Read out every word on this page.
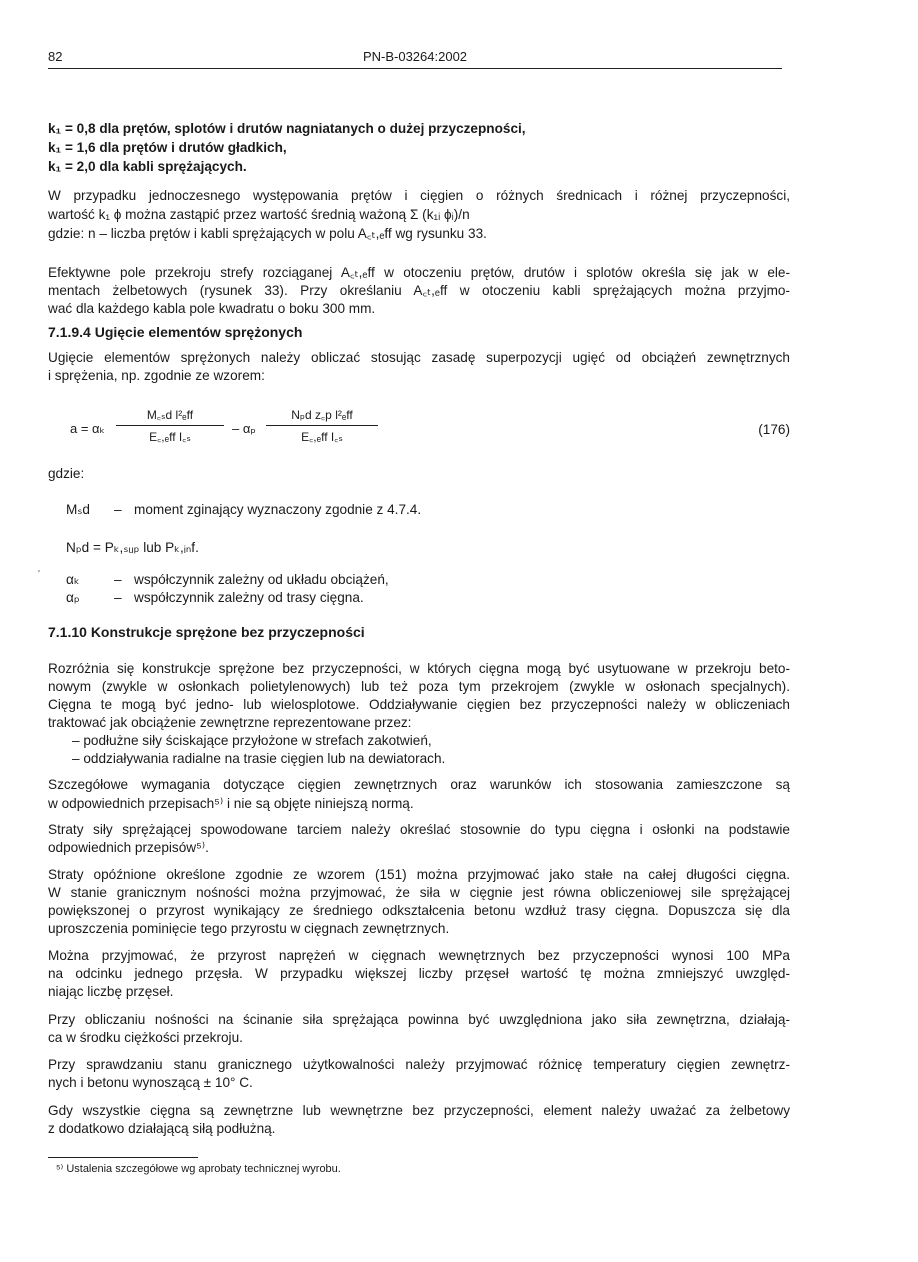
82	PN-B-03264:2002
k₁ = 0,8 dla prętów, splotów i drutów nagniatanych o dużej przyczepności,
k₁ = 1,6 dla prętów i drutów gładkich,
k₁ = 2,0 dla kabli sprężających.
W przypadku jednoczesnego występowania prętów i cięgien o różnych średnicach i różnej przyczepności,
wartość k₁ ϕ można zastąpić przez wartość średnią ważoną Σ (k₁ᵢ ϕᵢ)/n
gdzie: n – liczba prętów i kabli sprężających w polu A꜀ₜ,ₑff wg rysunku 33.
Efektywne pole przekroju strefy rozciąganej A꜀ₜ,ₑff w otoczeniu prętów, drutów i splotów określa się jak w ele-
mentach żelbetowych (rysunek 33). Przy określaniu A꜀ₜ,ₑff w otoczeniu kabli sprężających można przyjmo-
wać dla każdego kabla pole kwadratu o boku 300 mm.
7.1.9.4 Ugięcie elementów sprężonych
Ugięcie elementów sprężonych należy obliczać stosując zasadę superpozycji ugięć od obciążeń zewnętrznych
i sprężenia, np. zgodnie ze wzorem:
a = αₖ
M꜀ₛd l²ₑff
E꜀,ₑff I꜀ₛ
– αₚ
Nₚd z꜀p l²ₑff
E꜀,ₑff I꜀ₛ	(176)
gdzie:
Mₛd – moment zginający wyznaczony zgodnie z 4.7.4.
Nₚd = Pₖ,ₛᵤₚ lub Pₖ,ᵢₙf.
αₖ	– współczynnik zależny od układu obciążeń,
αₚ	– współczynnik zależny od trasy cięgna.
7.1.10 Konstrukcje sprężone bez przyczepności
Rozróżnia się konstrukcje sprężone bez przyczepności, w których cięgna mogą być usytuowane w przekroju beto-
nowym (zwykle w osłonkach polietylenowych) lub też poza tym przekrojem (zwykle w osłonach specjalnych).
Cięgna te mogą być jedno- lub wielosplotowe. Oddziaływanie cięgien bez przyczepności należy w obliczeniach
traktować jak obciążenie zewnętrzne reprezentowane przez:
– podłużne siły ściskające przyłożone w strefach zakotwień,
– oddziaływania radialne na trasie cięgien lub na dewiatorach.
Szczegółowe wymagania dotyczące cięgien zewnętrznych oraz warunków ich stosowania zamieszczone są
w odpowiednich przepisach⁵⁾ i nie są objęte niniejszą normą.
Straty siły sprężającej spowodowane tarciem należy określać stosownie do typu cięgna i osłonki na podstawie
odpowiednich przepisów⁵⁾.
Straty opóźnione określone zgodnie ze wzorem (151) można przyjmować jako stałe na całej długości cięgna.
W stanie granicznym nośności można przyjmować, że siła w cięgnie jest równa obliczeniowej sile sprężającej
powiększonej o przyrost wynikający ze średniego odkształcenia betonu wzdłuż trasy cięgna. Dopuszcza się dla
uproszczenia pominięcie tego przyrostu w cięgnach zewnętrznych.
Można przyjmować, że przyrost naprężeń w cięgnach wewnętrznych bez przyczepności wynosi 100 MPa
na odcinku jednego przęsła. W przypadku większej liczby przęseł wartość tę można zmniejszyć uwzględ-
niając liczbę przęseł.
Przy obliczaniu nośności na ścinanie siła sprężająca powinna być uwzględniona jako siła zewnętrzna, działają-
ca w środku ciężkości przekroju.
Przy sprawdzaniu stanu granicznego użytkowalności należy przyjmować różnicę temperatury cięgien zewnętrz-
nych i betonu wynoszącą ± 10° C.
Gdy wszystkie cięgna są zewnętrzne lub wewnętrzne bez przyczepności, element należy uważać za żelbetowy
z dodatkowo działającą siłą podłużną.
⁵⁾ Ustalenia szczegółowe wg aprobaty technicznej wyrobu.
'
